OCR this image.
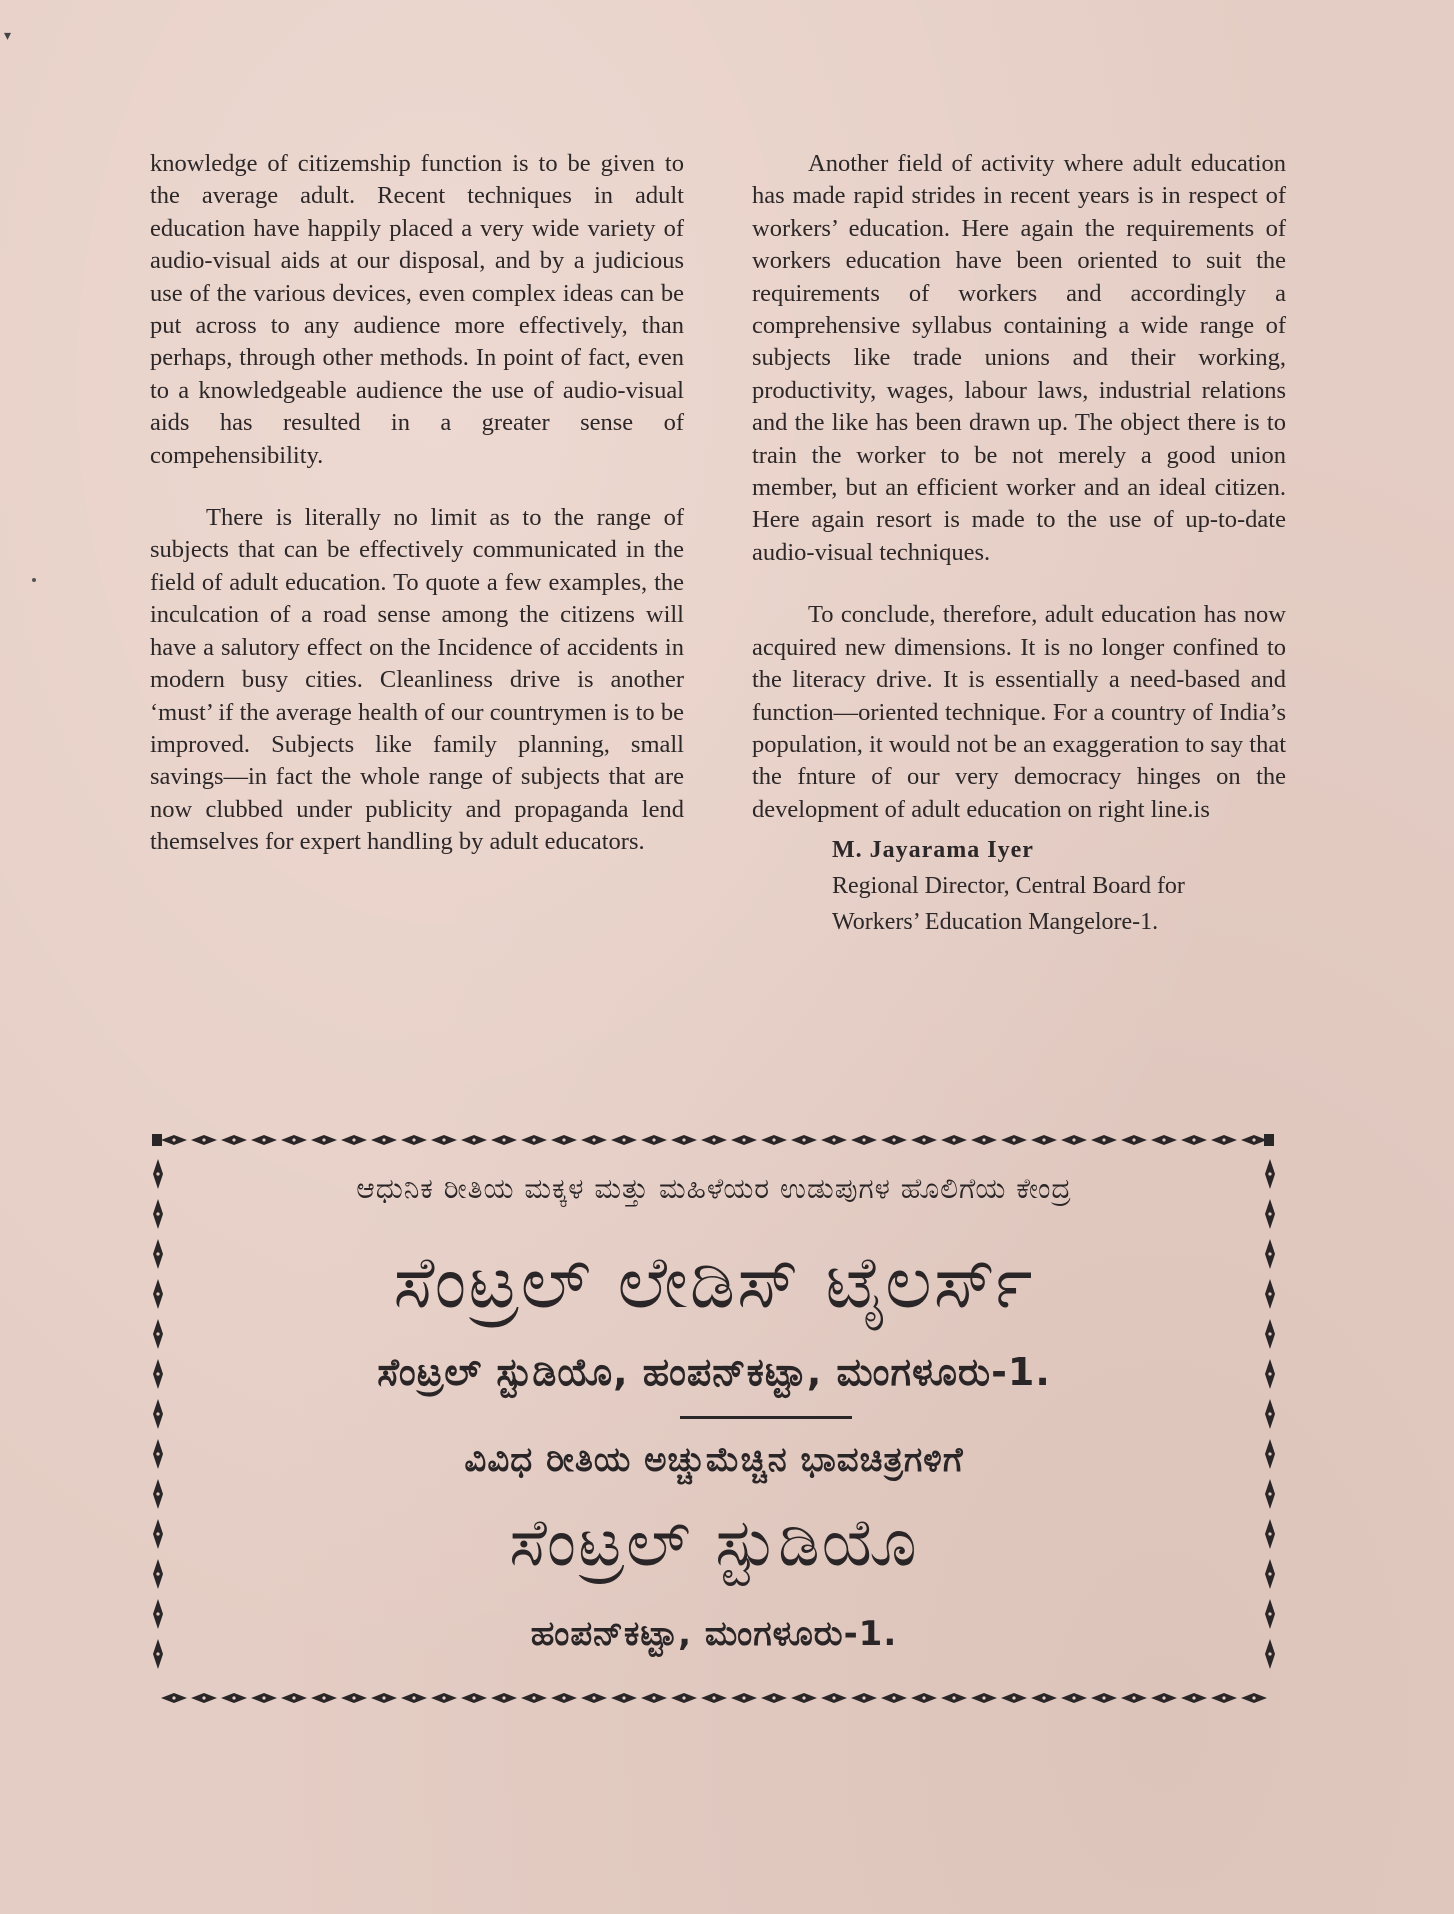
▾

knowledge of citizemship function is to be given to the average adult. Recent techniques in adult education have happily placed a very wide variety of audio-visual aids at our disposal, and by a judicious use of the various devices, even complex ideas can be put across to any audience more effectively, than perhaps, through other methods. In point of fact, even to a knowledgeable audience the use of audio-visual aids has resulted in a greater sense of compehensibility.

There is literally no limit as to the range of subjects that can be effectively communicated in the field of adult education. To quote a few examples, the inculcation of a road sense among the citizens will have a salutory effect on the Incidence of accidents in modern busy cities. Cleanliness drive is another ‘must’ if the average health of our countrymen is to be improved. Subjects like family planning, small savings—in fact the whole range of subjects that are now clubbed under publicity and propaganda lend themselves for expert handling by adult educators.

Another field of activity where adult education has made rapid strides in recent years is in respect of workers’ education. Here again the requirements of workers education have been oriented to suit the requirements of workers and accordingly a comprehensive syllabus containing a wide range of subjects like trade unions and their working, productivity, wages, labour laws, industrial relations and the like has been drawn up. The object there is to train the worker to be not merely a good union member, but an efficient worker and an ideal citizen. Here again resort is made to the use of up-to-date audio-visual techniques.

To conclude, therefore, adult education has now acquired new dimensions. It is no longer confined to the literacy drive. It is essentially a need-based and function—oriented technique. For a country of India’s population, it would not be an exaggeration to say that the fnture of our very democracy hinges on the development of adult education on right line.is

M. Jayarama Iyer
Regional Director, Central Board for
Workers’ Education Mangelore-1.
ಆಧುನಿಕ ರೀತಿಯ ಮಕ್ಕಳ ಮತ್ತು ಮಹಿಳೆಯರ ಉಡುಪುಗಳ ಹೊಲಿಗೆಯ ಕೇಂದ್ರ
ಸೆಂಟ್ರಲ್ ಲೇಡಿಸ್ ಟೈಲರ್ಸ್
ಸೆಂಟ್ರಲ್ ಸ್ಟುಡಿಯೊ, ಹಂಪನ್‌ಕಟ್ಟಾ, ಮಂಗಳೂರು-1.
ವಿವಿಧ ರೀತಿಯ ಅಚ್ಚುಮೆಚ್ಚಿನ ಭಾವಚಿತ್ರಗಳಿಗೆ
ಸೆಂಟ್ರಲ್ ಸ್ಟುಡಿಯೊ
ಹಂಪನ್‌ಕಟ್ಟಾ, ಮಂಗಳೂರು-1.
